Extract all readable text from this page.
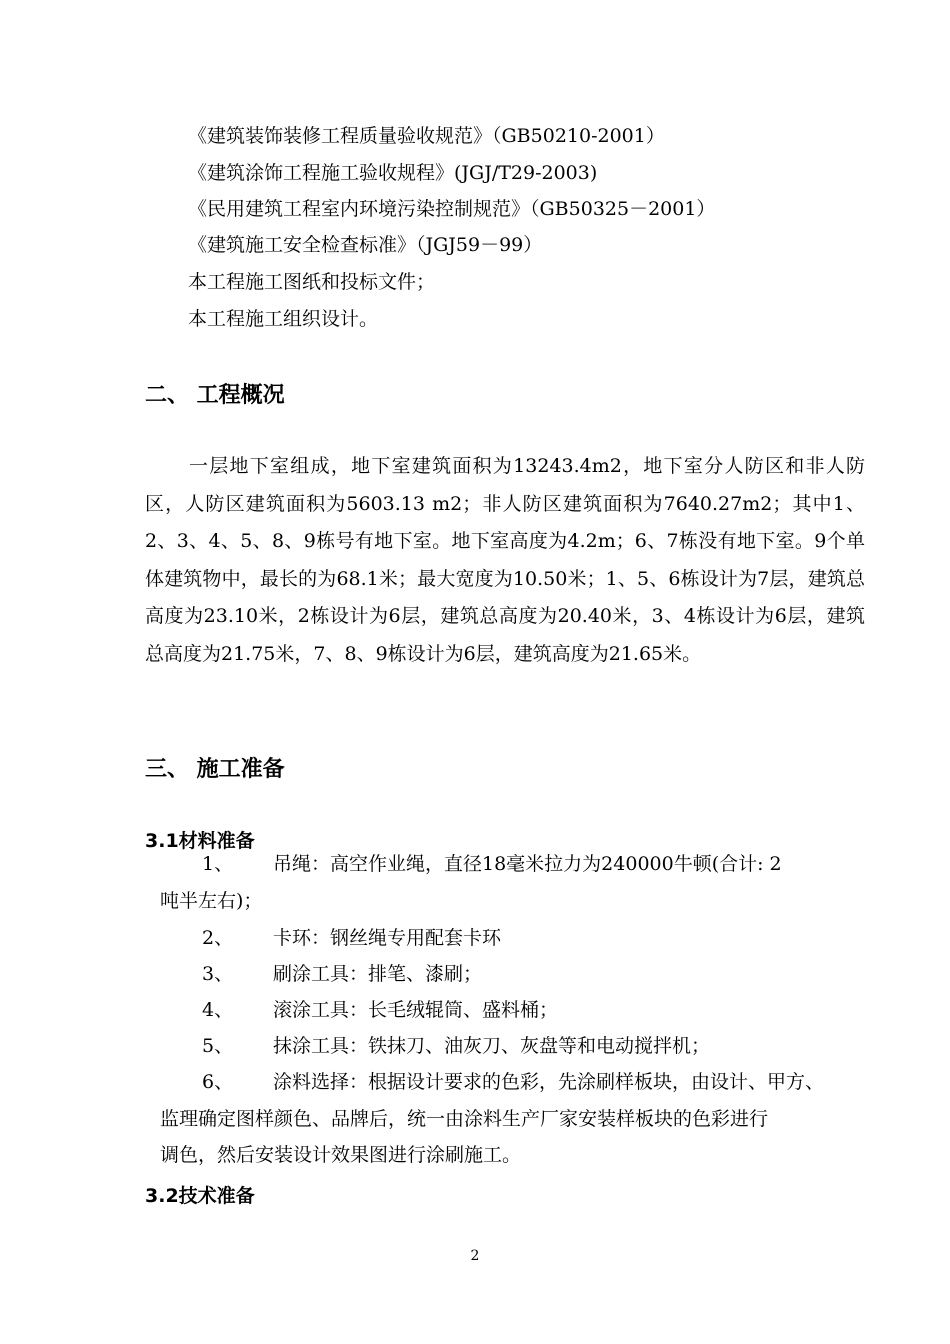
《建筑装饰装修工程质量验收规范》（GB50210-2001）
《建筑涂饰工程施工验收规程》(JGJ/T29-2003)
《民用建筑工程室内环境污染控制规范》（GB50325－2001）
《建筑施工安全检查标准》（JGJ59－99）
本工程施工图纸和投标文件；
本工程施工组织设计。
二、 工程概况

一层地下室组成，地下室建筑面积为13243.4m2，地下室分人防区和非人防区，人防区建筑面积为5603.13 m2；非人防区建筑面积为7640.27m2；其中1、2、3、4、5、8、9栋号有地下室。地下室高度为4.2m；6、7栋没有地下室。9个单体建筑物中，最长的为68.1米；最大宽度为10.50米；1、5、6栋设计为7层，建筑总高度为23.10米，2栋设计为6层，建筑总高度为20.40米，3、4栋设计为6层，建筑总高度为21.75米，7、8、9栋设计为6层，建筑高度为21.65米。

三、 施工准备
3.1材料准备
1、 吊绳：高空作业绳，直径18毫米拉力为240000牛顿(合计: 2
吨半左右)；
2、 卡环：钢丝绳专用配套卡环
3、 刷涂工具：排笔、漆刷；
4、 滚涂工具：长毛绒辊筒、盛料桶；
5、 抹涂工具：铁抹刀、油灰刀、灰盘等和电动搅拌机；
6、 涂料选择：根据设计要求的色彩，先涂刷样板块，由设计、甲方、
监理确定图样颜色、品牌后，统一由涂料生产厂家安装样板块的色彩进行
调色，然后安装设计效果图进行涂刷施工。
3.2技术准备
2
